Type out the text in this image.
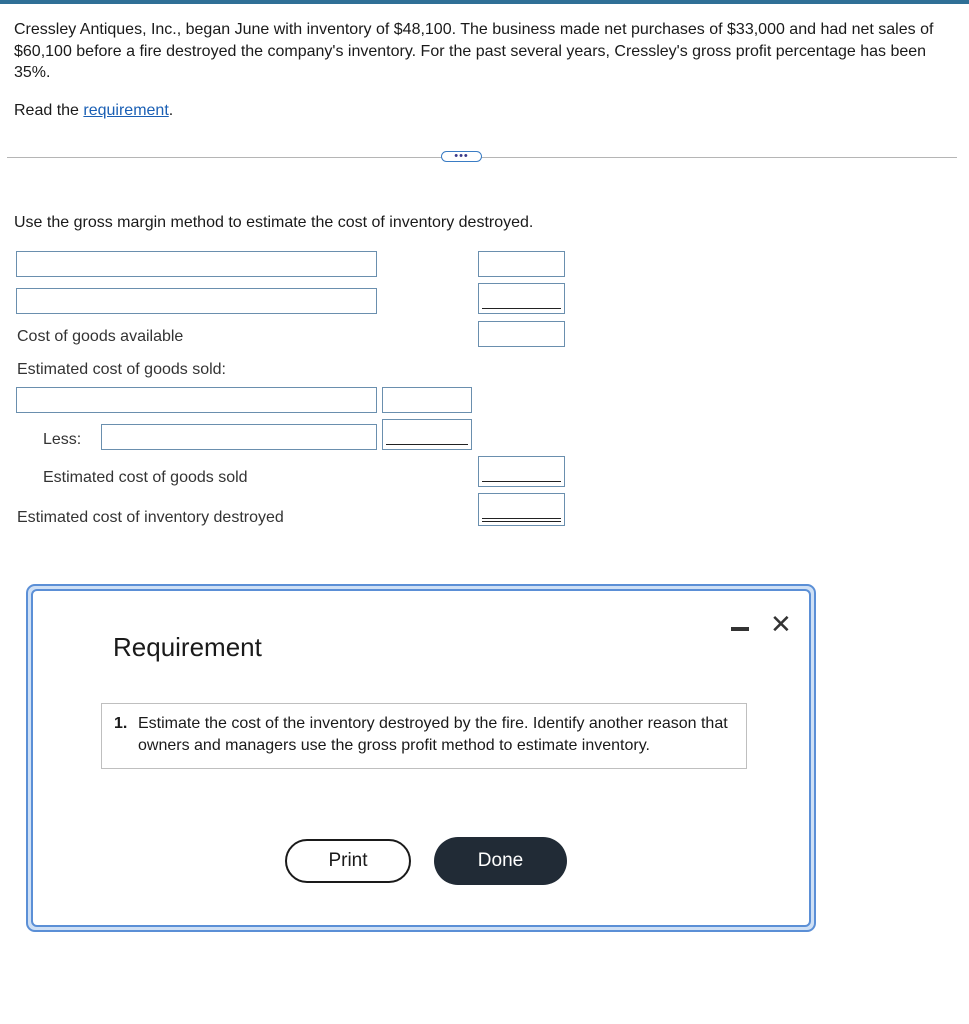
Cressley Antiques, Inc., began June with inventory of $48,100. The business made net purchases of $33,000 and had net sales of $60,100 before a fire destroyed the company's inventory. For the past several years, Cressley's gross profit percentage has been 35%.
Read the requirement.
•••
Use the gross margin method to estimate the cost of inventory destroyed.
Cost of goods available
Estimated cost of goods sold:
Less:
Estimated cost of goods sold
Estimated cost of inventory destroyed
Requirement
✕
1. Estimate the cost of the inventory destroyed by the fire. Identify another reason that owners and managers use the gross profit method to estimate inventory.
Print	Done
